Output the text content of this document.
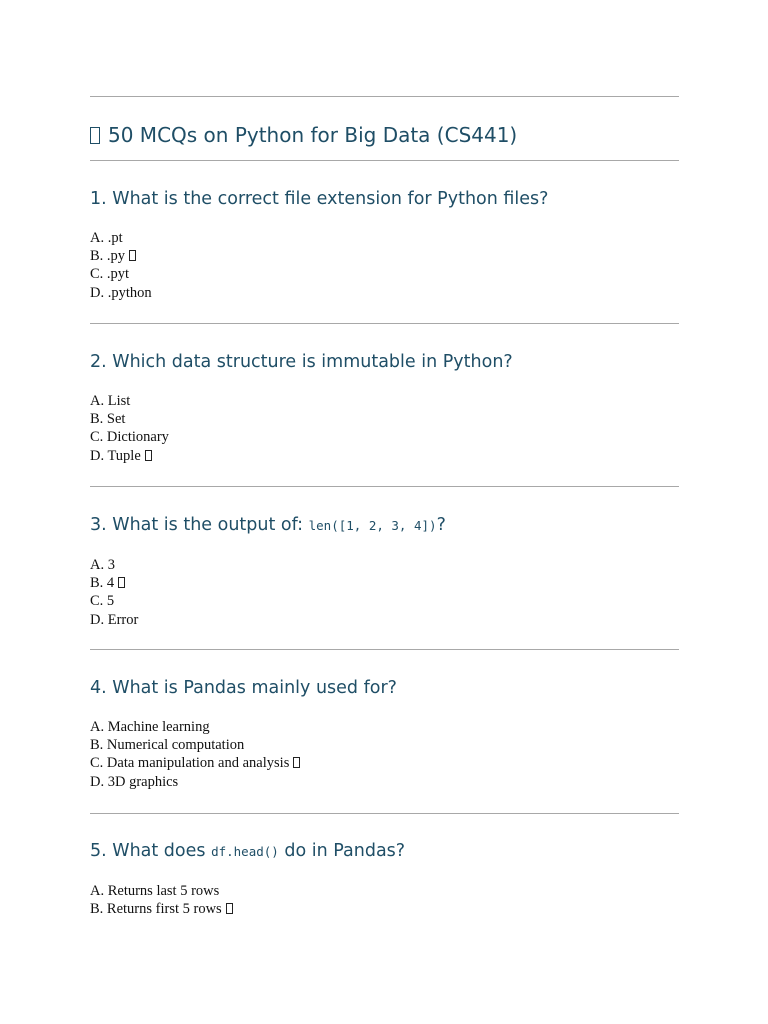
50 MCQs on Python for Big Data (CS441)
1. What is the correct file extension for Python files?
A. .pt
B. .py
C. .pyt
D. .python
2. Which data structure is immutable in Python?
A. List
B. Set
C. Dictionary
D. Tuple
3. What is the output of: len([1, 2, 3, 4])?
A. 3
B. 4
C. 5
D. Error
4. What is Pandas mainly used for?
A. Machine learning
B. Numerical computation
C. Data manipulation and analysis
D. 3D graphics
5. What does df.head() do in Pandas?
A. Returns last 5 rows
B. Returns first 5 rows
